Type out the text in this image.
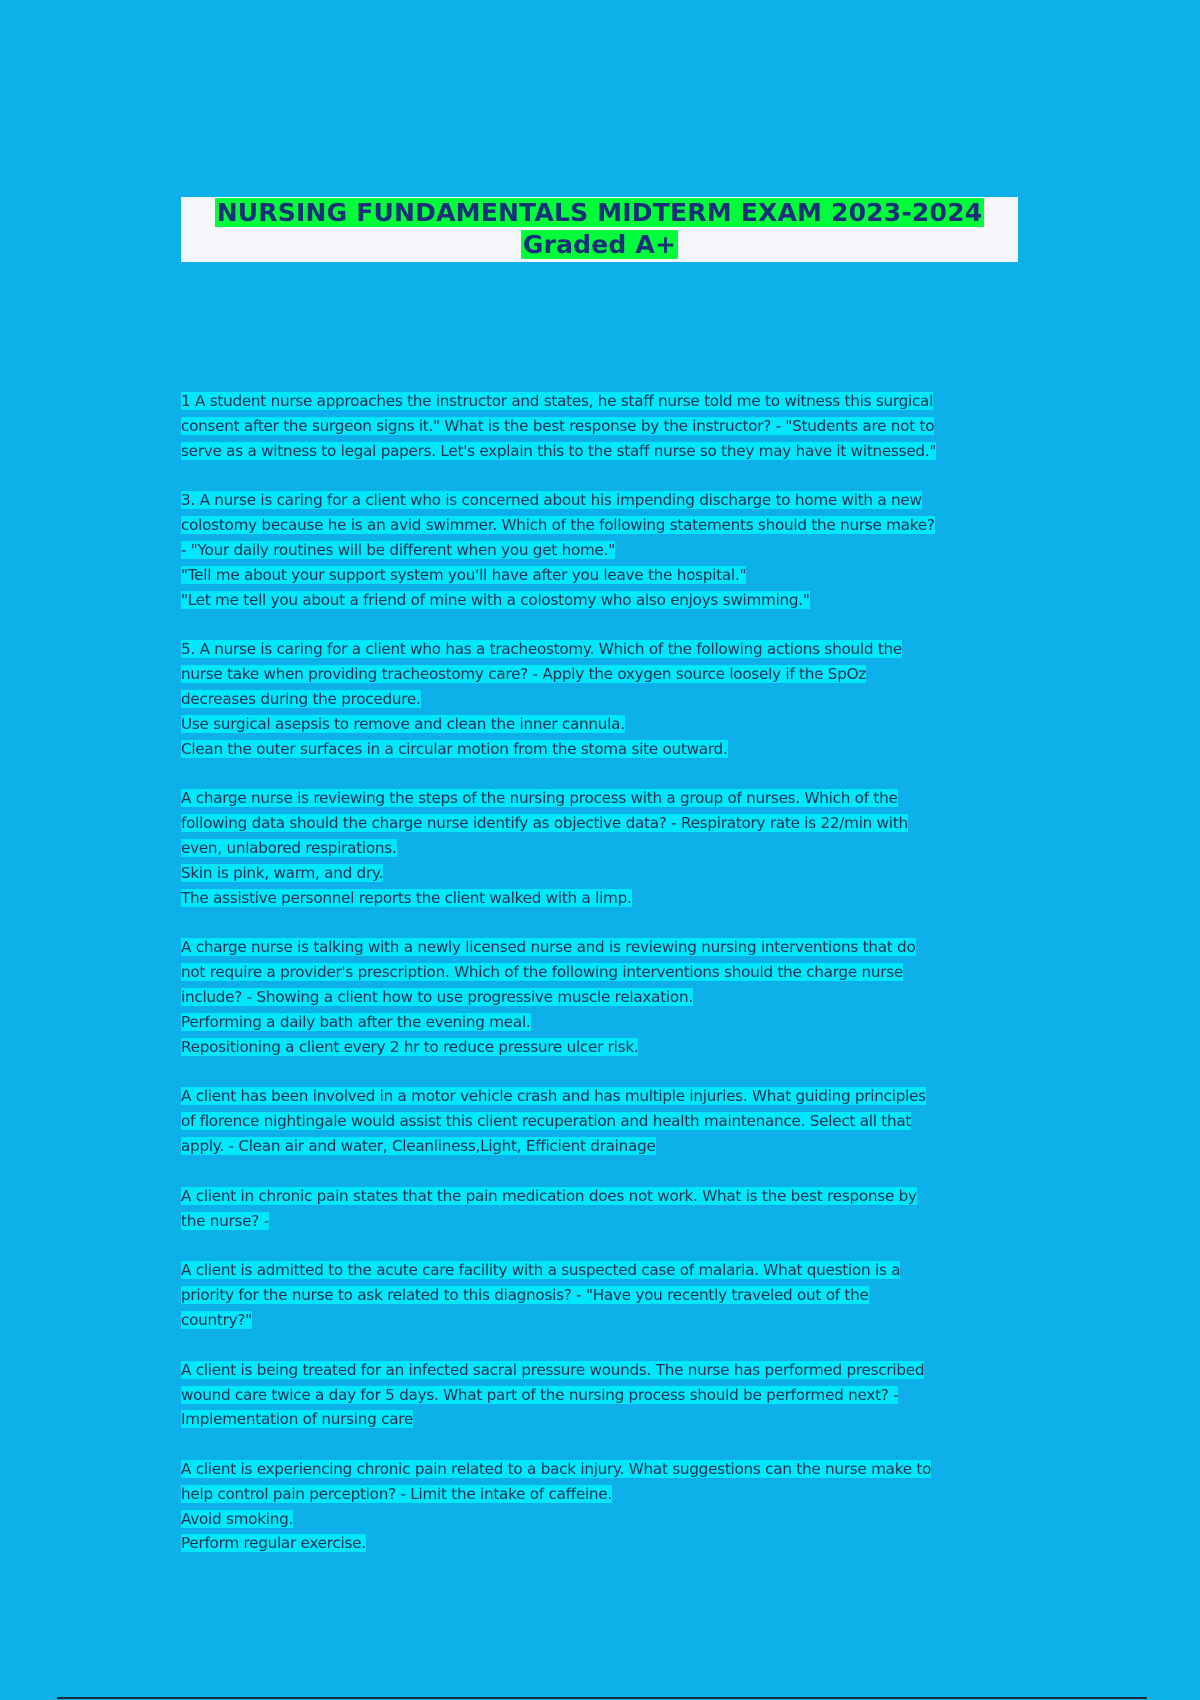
NURSING FUNDAMENTALS MIDTERM EXAM 2023-2024
Graded A+
1 A student nurse approaches the instructor and states, he staff nurse told me to witness this surgical
consent after the surgeon signs it." What is the best response by the instructor? - "Students are not to
serve as a witness to legal papers. Let's explain this to the staff nurse so they may have it witnessed."
3. A nurse is caring for a client who is concerned about his impending discharge to home with a new
colostomy because he is an avid swimmer. Which of the following statements should the nurse make?
- "Your daily routines will be different when you get home."
"Tell me about your support system you'll have after you leave the hospital."
"Let me tell you about a friend of mine with a colostomy who also enjoys swimming."
5. A nurse is caring for a client who has a tracheostomy. Which of the following actions should the
nurse take when providing tracheostomy care? - Apply the oxygen source loosely if the SpOz
decreases during the procedure.
Use surgical asepsis to remove and clean the inner cannula.
Clean the outer surfaces in a circular motion from the stoma site outward.
A charge nurse is reviewing the steps of the nursing process with a group of nurses. Which of the
following data should the charge nurse identify as objective data? - Respiratory rate is 22/min with
even, unlabored respirations.
Skin is pink, warm, and dry.
The assistive personnel reports the client walked with a limp.
A charge nurse is talking with a newly licensed nurse and is reviewing nursing interventions that do
not require a provider's prescription. Which of the following interventions should the charge nurse
include? - Showing a client how to use progressive muscle relaxation.
Performing a daily bath after the evening meal.
Repositioning a client every 2 hr to reduce pressure ulcer risk.
A client has been involved in a motor vehicle crash and has multiple injuries. What guiding principles
of florence nightingale would assist this client recuperation and health maintenance. Select all that
apply. - Clean air and water, Cleanliness,Light, Efficient drainage
A client in chronic pain states that the pain medication does not work. What is the best response by
the nurse? -
A client is admitted to the acute care facility with a suspected case of malaria. What question is a
priority for the nurse to ask related to this diagnosis? - "Have you recently traveled out of the
country?"
A client is being treated for an infected sacral pressure wounds. The nurse has performed prescribed
wound care twice a day for 5 days. What part of the nursing process should be performed next? -
Implementation of nursing care
A client is experiencing chronic pain related to a back injury. What suggestions can the nurse make to
help control pain perception? - Limit the intake of caffeine.
Avoid smoking.
Perform regular exercise.
